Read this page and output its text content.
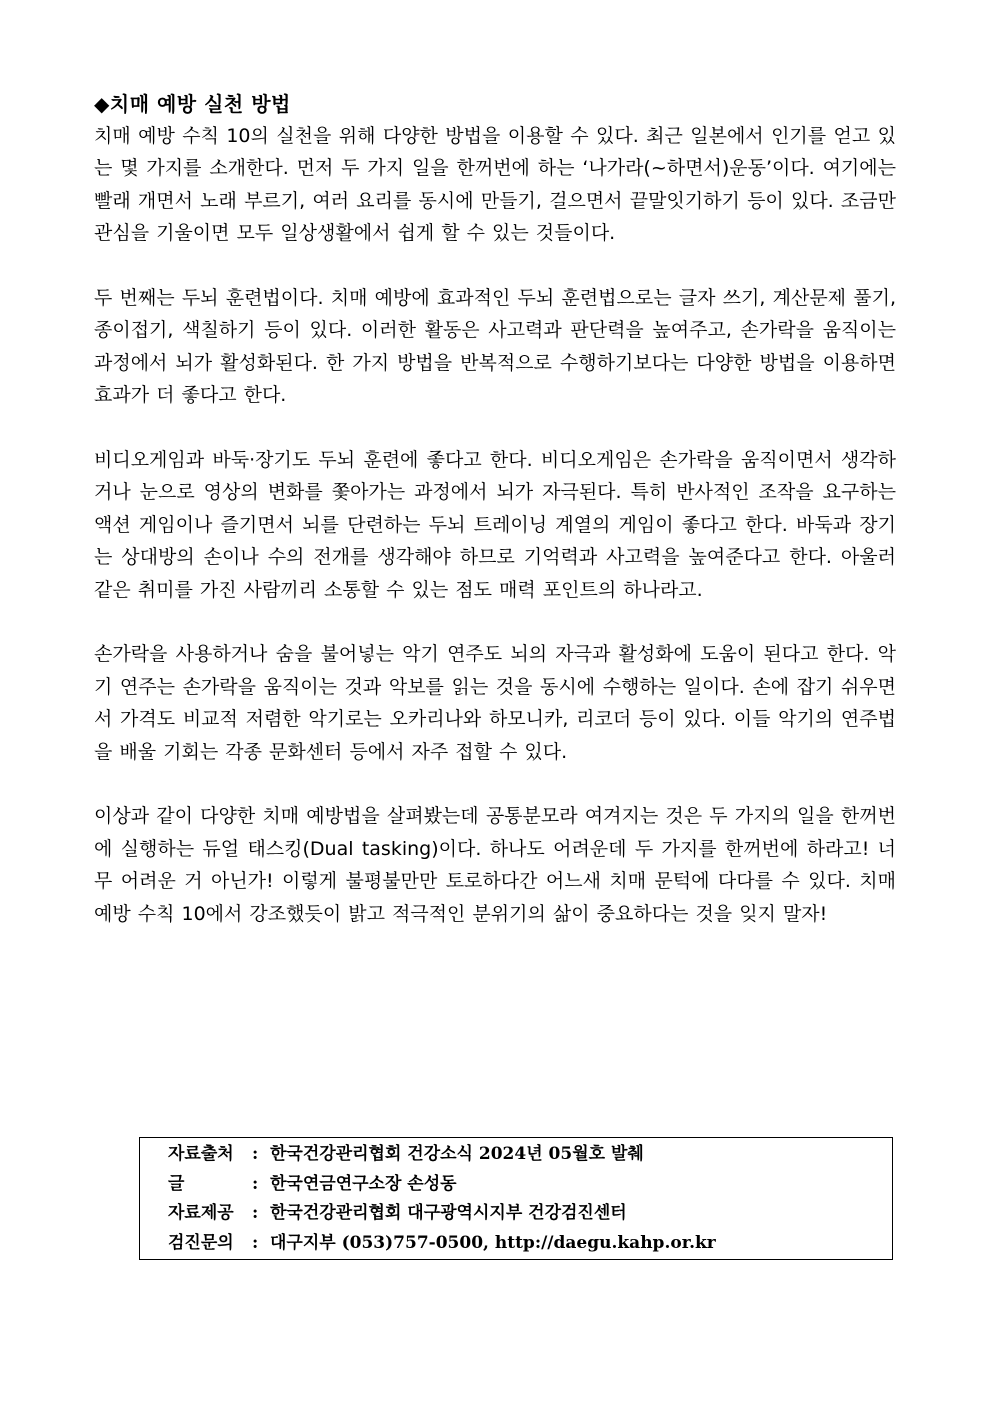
◆치매 예방 실천 방법

치매 예방 수칙 10의 실천을 위해 다양한 방법을 이용할 수 있다. 최근 일본에서 인기를 얻고 있는 몇 가지를 소개한다. 먼저 두 가지 일을 한꺼번에 하는 ‘나가라(~하면서)운동’이다. 여기에는 빨래 개면서 노래 부르기, 여러 요리를 동시에 만들기, 걸으면서 끝말잇기하기 등이 있다. 조금만 관심을 기울이면 모두 일상생활에서 쉽게 할 수 있는 것들이다.

두 번째는 두뇌 훈련법이다. 치매 예방에 효과적인 두뇌 훈련법으로는 글자 쓰기, 계산문제 풀기, 종이접기, 색칠하기 등이 있다. 이러한 활동은 사고력과 판단력을 높여주고, 손가락을 움직이는 과정에서 뇌가 활성화된다. 한 가지 방법을 반복적으로 수행하기보다는 다양한 방법을 이용하면 효과가 더 좋다고 한다.

비디오게임과 바둑·장기도 두뇌 훈련에 좋다고 한다. 비디오게임은 손가락을 움직이면서 생각하거나 눈으로 영상의 변화를 쫓아가는 과정에서 뇌가 자극된다. 특히 반사적인 조작을 요구하는 액션 게임이나 즐기면서 뇌를 단련하는 두뇌 트레이닝 계열의 게임이 좋다고 한다. 바둑과 장기는 상대방의 손이나 수의 전개를 생각해야 하므로 기억력과 사고력을 높여준다고 한다. 아울러 같은 취미를 가진 사람끼리 소통할 수 있는 점도 매력 포인트의 하나라고.

손가락을 사용하거나 숨을 불어넣는 악기 연주도 뇌의 자극과 활성화에 도움이 된다고 한다. 악기 연주는 손가락을 움직이는 것과 악보를 읽는 것을 동시에 수행하는 일이다. 손에 잡기 쉬우면서 가격도 비교적 저렴한 악기로는 오카리나와 하모니카, 리코더 등이 있다. 이들 악기의 연주법을 배울 기회는 각종 문화센터 등에서 자주 접할 수 있다.

이상과 같이 다양한 치매 예방법을 살펴봤는데 공통분모라 여겨지는 것은 두 가지의 일을 한꺼번에 실행하는 듀얼 태스킹(Dual tasking)이다. 하나도 어려운데 두 가지를 한꺼번에 하라고! 너무 어려운 거 아닌가! 이렇게 불평불만만 토로하다간 어느새 치매 문턱에 다다를 수 있다. 치매 예방 수칙 10에서 강조했듯이 밝고 적극적인 분위기의 삶이 중요하다는 것을 잊지 말자!

자료출처	: 한국건강관리협회 건강소식 2024년 05월호 발췌
글	: 한국연금연구소장 손성동
자료제공	: 한국건강관리협회 대구광역시지부 건강검진센터
검진문의	: 대구지부 (053)757-0500, http://daegu.kahp.or.kr
